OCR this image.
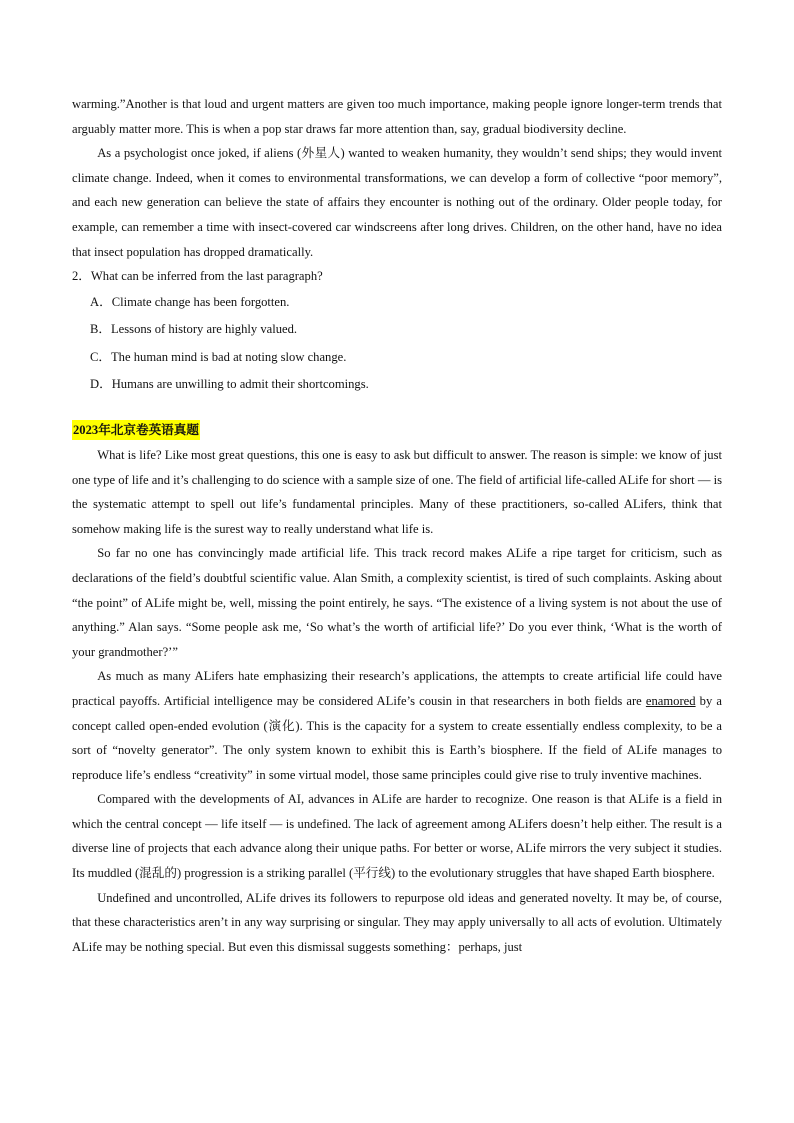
warming.”Another is that loud and urgent matters are given too much importance, making people ignore longer-term trends that arguably matter more. This is when a pop star draws far more attention than, say, gradual biodiversity decline.

As a psychologist once joked, if aliens (外星人) wanted to weaken humanity, they wouldn’t send ships; they would invent climate change. Indeed, when it comes to environmental transformations, we can develop a form of collective “poor memory”, and each new generation can believe the state of affairs they encounter is nothing out of the ordinary. Older people today, for example, can remember a time with insect-covered car windscreens after long drives. Children, on the other hand, have no idea that insect population has dropped dramatically.

2．What can be inferred from the last paragraph?

A．Climate change has been forgotten.

B．Lessons of history are highly valued.

C．The human mind is bad at noting slow change.

D．Humans are unwilling to admit their shortcomings.

2023年北京卷英语真题

What is life? Like most great questions, this one is easy to ask but difficult to answer. The reason is simple: we know of just one type of life and it’s challenging to do science with a sample size of one. The field of artificial life-called ALife for short — is the systematic attempt to spell out life’s fundamental principles. Many of these practitioners, so-called ALifers, think that somehow making life is the surest way to really understand what life is.

So far no one has convincingly made artificial life. This track record makes ALife a ripe target for criticism, such as declarations of the field’s doubtful scientific value. Alan Smith, a complexity scientist, is tired of such complaints. Asking about “the point” of ALife might be, well, missing the point entirely, he says. “The existence of a living system is not about the use of anything.” Alan says. “Some people ask me, ‘So what’s the worth of artificial life?’ Do you ever think, ‘What is the worth of your grandmother?’”

As much as many ALifers hate emphasizing their research’s applications, the attempts to create artificial life could have practical payoffs. Artificial intelligence may be considered ALife’s cousin in that researchers in both fields are enamored by a concept called open-ended evolution (演化). This is the capacity for a system to create essentially endless complexity, to be a sort of “novelty generator”. The only system known to exhibit this is Earth’s biosphere. If the field of ALife manages to reproduce life’s endless “creativity” in some virtual model, those same principles could give rise to truly inventive machines.

Compared with the developments of AI, advances in ALife are harder to recognize. One reason is that ALife is a field in which the central concept — life itself — is undefined. The lack of agreement among ALifers doesn’t help either. The result is a diverse line of projects that each advance along their unique paths. For better or worse, ALife mirrors the very subject it studies. Its muddled (混乱的) progression is a striking parallel (平行线) to the evolutionary struggles that have shaped Earth biosphere.

Undefined and uncontrolled, ALife drives its followers to repurpose old ideas and generated novelty. It may be, of course, that these characteristics aren’t in any way surprising or singular. They may apply universally to all acts of evolution. Ultimately ALife may be nothing special. But even this dismissal suggests something：perhaps, just
